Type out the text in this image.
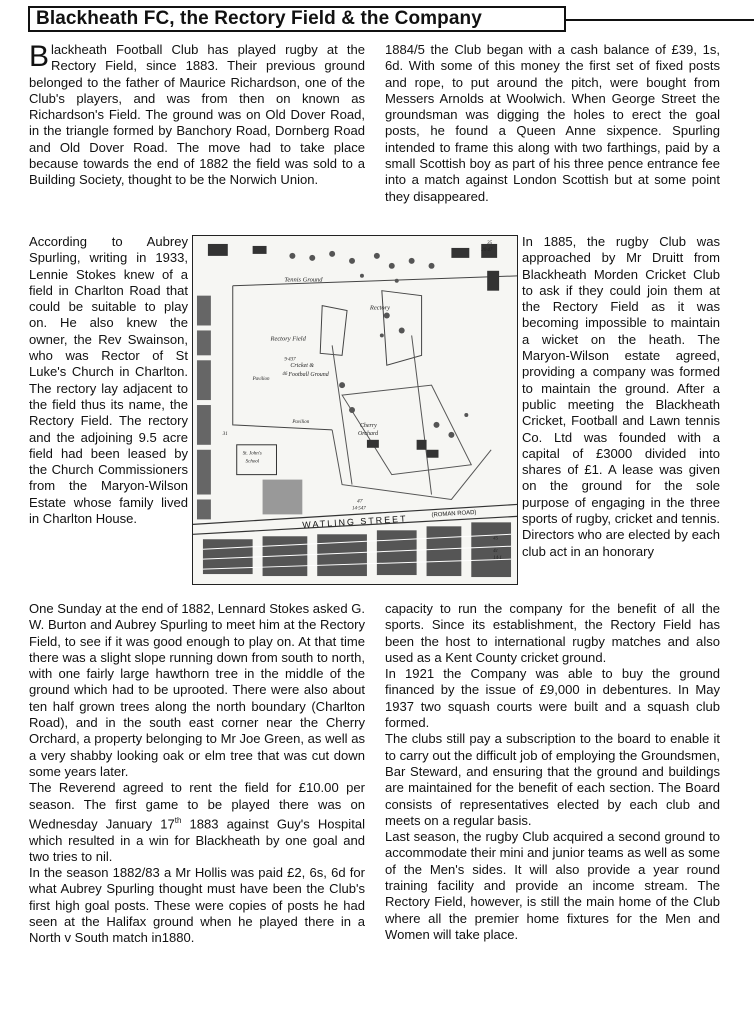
Blackheath FC, the Rectory Field & the Company
Blackheath Football Club has played rugby at the Rectory Field, since 1883. Their previous ground belonged to the father of Maurice Richardson, one of the Club's players, and was from then on known as Richardson's Field. The ground was on Old Dover Road, in the triangle formed by Banchory Road, Dornberg Road and Old Dover Road. The move had to take place because towards the end of 1882 the field was sold to a Building Society, thought to be the Norwich Union.
According to Aubrey Spurling, writing in 1933, Lennie Stokes knew of a field in Charlton Road that could be suitable to play on. He also knew the owner, the Rev Swainson, who was Rector of St Luke's Church in Charlton. The rectory lay adjacent to the field thus its name, the Rectory Field. The rectory and the adjoining 9.5 acre field had been leased by the Church Commissioners from the Maryon-Wilson Estate whose family lived in Charlton House.

One Sunday at the end of 1882, Lennard Stokes asked G. W. Burton and Aubrey Spurling to meet him at the Rectory Field, to see if it was good enough to play on. At that time there was a slight slope running down from south to north, with one fairly large hawthorn tree in the middle of the ground which had to be uprooted. There were also about ten half grown trees along the north boundary (Charlton Road), and in the south east corner near the Cherry Orchard, a property belonging to Mr Joe Green, as well as a very shabby looking oak or elm tree that was cut down some years later.

The Reverend agreed to rent the field for £10.00 per season. The first game to be played there was on Wednesday January 17th 1883 against Guy's Hospital which resulted in a win for Blackheath by one goal and two tries to nil.

In the season 1882/83 a Mr Hollis was paid £2, 6s, 6d for what Aubrey Spurling thought must have been the Club's first high goal posts. These were copies of posts he had seen at the Halifax ground when he played there in a North v South match in1880.

1884/5 the Club began with a cash balance of £39, 1s, 6d. With some of this money the first set of fixed posts and rope, to put around the pitch, were bought from Messers Arnolds at Woolwich. When George Street the groundsman was digging the holes to erect the goal posts, he found a Queen Anne sixpence. Spurling intended to frame this along with two farthings, paid by a small Scottish boy as part of his three pence entrance fee into a match against London Scottish but at some point they disappeared.
In 1885, the rugby Club was approached by Mr Druitt from Blackheath Morden Cricket Club to ask if they could join them at the Rectory Field as it was becoming impossible to maintain a wicket on the heath. The Maryon-Wilson estate agreed, providing a company was formed to maintain the ground. After a public meeting the Blackheath Cricket, Football and Lawn tennis Co. Ltd was founded with a capital of £3000 divided into shares of £1. A lease was given on the ground for the sole purpose of engaging in the three sports of rugby, cricket and tennis. Directors who are elected by each club act in an honorary

capacity to run the company for the benefit of all the sports. Since its establishment, the Rectory Field has been the host to international rugby matches and also used as a Kent County cricket ground.

In 1921 the Company was able to buy the ground financed by the issue of £9,000 in debentures. In May 1937 two squash courts were built and a squash club formed.

The clubs still pay a subscription to the board to enable it to carry out the difficult job of employing the Groundsmen, Bar Steward, and ensuring that the ground and buildings are maintained for the benefit of each section. The Board consists of representatives elected by each club and meets on a regular basis.

Last season, the rugby Club acquired a second ground to accommodate their mini and junior teams as well as some of the Men's sides. It will also provide a year round training facility and provide an income stream. The Rectory Field, however, is still the main home of the Club where all the premier home fixtures for the Men and Women will take place.

Tennis Ground
Rectory
Rectory Field
9·437
Cricket &
Football Ground
Pavilion
Pavilion
Cherry
Orchard
St. John's
School
47
14·547
46
31
45
4c
14·1
35
20·47
WATLING STREET	(ROMAN ROAD)
